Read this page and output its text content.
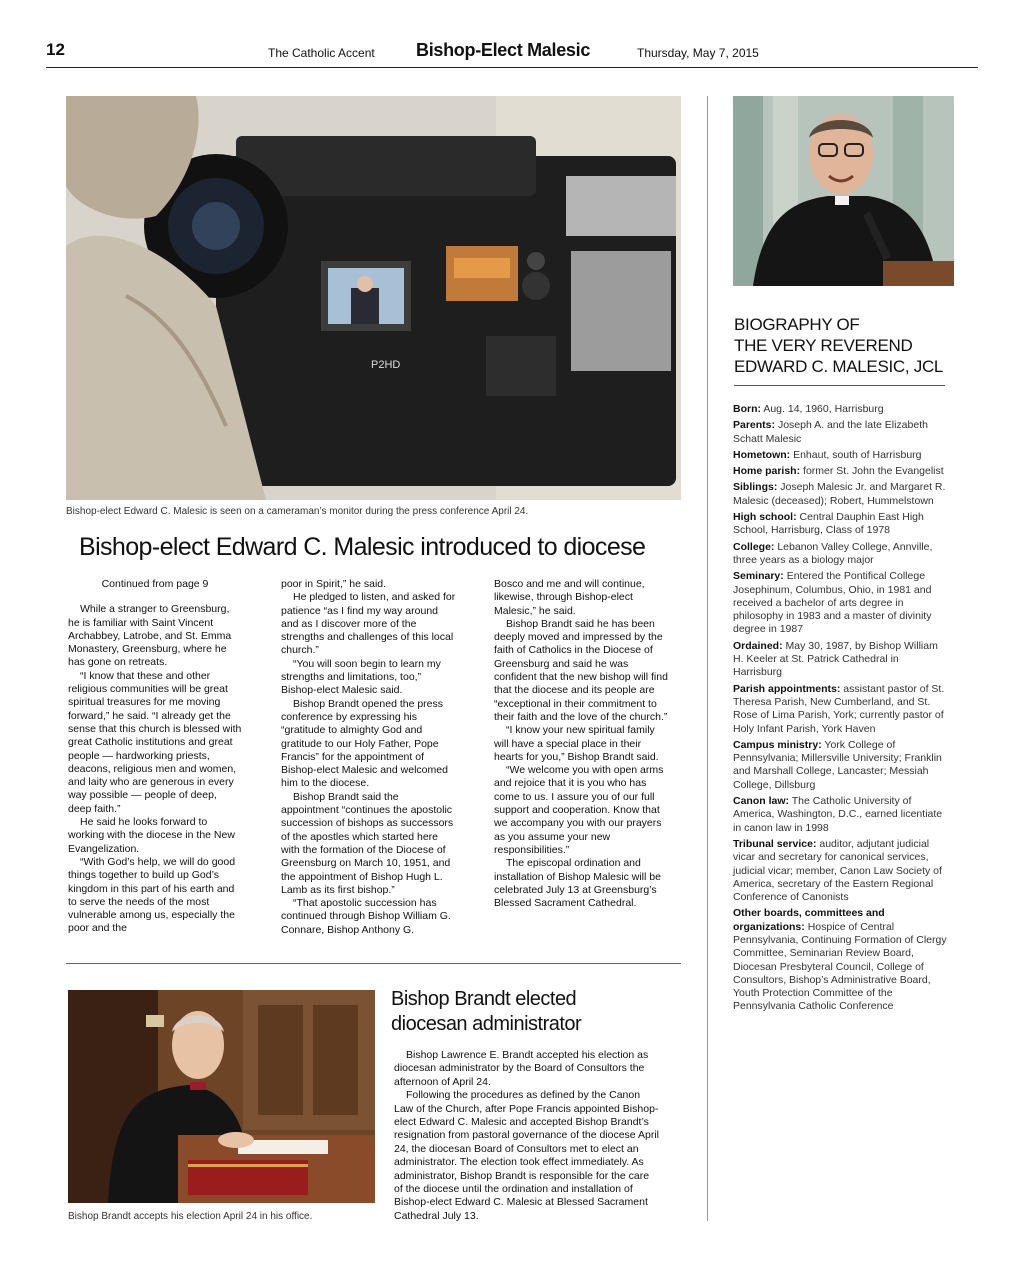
12	The Catholic Accent Bishop-Elect Malesic	Thursday, May 7, 2015
P2HD
Bishop-elect Edward C. Malesic is seen on a cameraman’s monitor during the press conference April 24.
Bishop-elect Edward C. Malesic introduced to diocese
Continued from page 9

While a stranger to Greensburg, he is familiar with Saint Vincent Archabbey, Latrobe, and St. Emma Monastery, Greensburg, where he has gone on retreats.

“I know that these and other religious communities will be great spiritual treasures for me moving forward,” he said. “I already get the sense that this church is blessed with great Catholic institutions and great people — hardworking priests, deacons, religious men and women, and laity who are generous in every way possible — people of deep, deep faith.”

He said he looks forward to working with the diocese in the New Evangelization.

“With God’s help, we will do good things together to build up God’s kingdom in this part of his earth and to serve the needs of the most vulnerable among us, especially the poor and the

poor in Spirit,” he said.

He pledged to listen, and asked for patience “as I find my way around and as I discover more of the strengths and challenges of this local church.”

“You will soon begin to learn my strengths and limitations, too,” Bishop-elect Malesic said.

Bishop Brandt opened the press conference by expressing his “gratitude to almighty God and gratitude to our Holy Father, Pope Francis” for the appointment of Bishop-elect Malesic and welcomed him to the diocese.

Bishop Brandt said the appointment “continues the apostolic succession of bishops as successors of the apostles which started here with the formation of the Diocese of Greensburg on March 10, 1951, and the appointment of Bishop Hugh L. Lamb as its first bishop.”

“That apostolic succession has continued through Bishop William G. Connare, Bishop Anthony G.

Bosco and me and will continue, likewise, through Bishop-elect Malesic,” he said.

Bishop Brandt said he has been deeply moved and impressed by the faith of Catholics in the Diocese of Greensburg and said he was confident that the new bishop will find that the diocese and its people are “exceptional in their commitment to their faith and the love of the church.”

“I know your new spiritual family will have a special place in their hearts for you,” Bishop Brandt said.

“We welcome you with open arms and rejoice that it is you who has come to us. I assure you of our full support and cooperation. Know that we accompany you with our prayers as you assume your new responsibilities.”

The episcopal ordination and installation of Bishop Malesic will be celebrated July 13 at Greensburg’s Blessed Sacrament Cathedral.

BIOGRAPHY OF
THE VERY REVEREND
EDWARD C. MALESIC, JCL
Born: Aug. 14, 1960, Harrisburg
Parents: Joseph A. and the late Elizabeth Schatt Malesic
Hometown: Enhaut, south of Harrisburg
Home parish: former St. John the Evangelist
Siblings: Joseph Malesic Jr. and Margaret R. Malesic (deceased); Robert, Hummelstown
High school: Central Dauphin East High School, Harrisburg, Class of 1978
College: Lebanon Valley College, Annville, three years as a biology major
Seminary: Entered the Pontifical College Josephinum, Columbus, Ohio, in 1981 and received a bachelor of arts degree in philosophy in 1983 and a master of divinity degree in 1987
Ordained: May 30, 1987, by Bishop William H. Keeler at St. Patrick Cathedral in Harrisburg
Parish appointments: assistant pastor of St. Theresa Parish, New Cumberland, and St. Rose of Lima Parish, York; currently pastor of Holy Infant Parish, York Haven
Campus ministry: York College of Pennsylvania; Millersville University; Franklin and Marshall College, Lancaster; Messiah College, Dillsburg
Canon law: The Catholic University of America, Washington, D.C., earned licentiate in canon law in 1998
Tribunal service: auditor, adjutant judicial vicar and secretary for canonical services, judicial vicar; member, Canon Law Society of America, secretary of the Eastern Regional Conference of Canonists
Other boards, committees and organizations: Hospice of Central Pennsylvania, Continuing Formation of Clergy Committee, Seminarian Review Board, Diocesan Presbyteral Council, College of Consultors, Bishop’s Administrative Board, Youth Protection Committee of the Pennsylvania Catholic Conference
Bishop Brandt accepts his election April 24 in his office.
Bishop Brandt elected
diocesan administrator

Bishop Lawrence E. Brandt accepted his election as diocesan administrator by the Board of Consultors the afternoon of April 24.

Following the procedures as defined by the Canon Law of the Church, after Pope Francis appointed Bishop-elect Edward C. Malesic and accepted Bishop Brandt’s resignation from pastoral governance of the diocese April 24, the diocesan Board of Consultors met to elect an administrator. The election took effect immediately. As administrator, Bishop Brandt is responsible for the care of the diocese until the ordination and installation of Bishop-elect Edward C. Malesic at Blessed Sacrament Cathedral July 13.
